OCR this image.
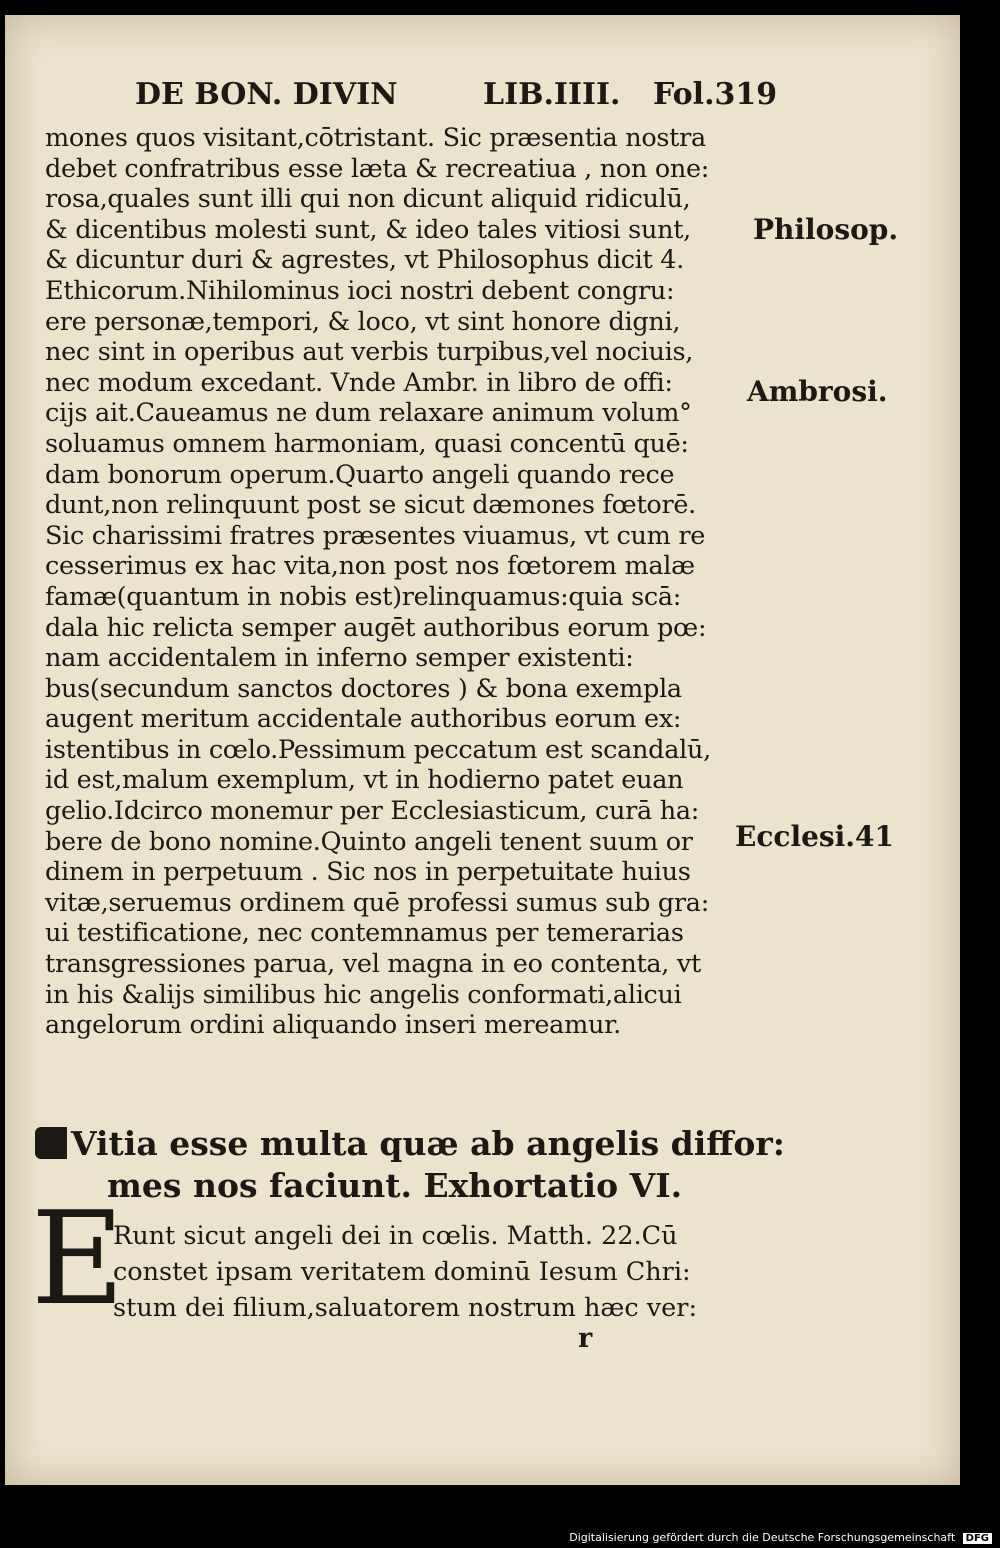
DE BON. DIVIN	LIB.IIII. Fol.319
mones quos visitant,cōtristant. Sic præsentia nostra
debet confratribus esse læta & recreatiua , non one:
rosa,quales sunt illi qui non dicunt aliquid ridiculū,
& dicentibus molesti sunt, & ideo tales vitiosi sunt,
& dicuntur duri & agrestes, vt Philosophus dicit 4.
Ethicorum.Nihilominus ioci nostri debent congru:
ere personæ,tempori, & loco, vt sint honore digni,
nec sint in operibus aut verbis turpibus,vel nociuis,
nec modum excedant. Vnde Ambr. in libro de offi:
cijs ait.Caueamus ne dum relaxare animum volum°
soluamus omnem harmoniam, quasi concentū quē:
dam bonorum operum.Quarto angeli quando rece
dunt,non relinquunt post se sicut dæmones fœtorē.
Sic charissimi fratres præsentes viuamus, vt cum re
cesserimus ex hac vita,non post nos fœtorem malæ
famæ(quantum in nobis est)relinquamus:quia scā:
dala hic relicta semper augēt authoribus eorum pœ:
nam accidentalem in inferno semper existenti:
bus(secundum sanctos doctores ) & bona exempla
augent meritum accidentale authoribus eorum ex:
istentibus in cœlo.Pessimum peccatum est scandalū,
id est,malum exemplum, vt in hodierno patet euan
gelio.Idcirco monemur per Ecclesiasticum, curā ha:
bere de bono nomine.Quinto angeli tenent suum or
dinem in perpetuum . Sic nos in perpetuitate huius
vitæ,seruemus ordinem quē professi sumus sub gra:
ui testificatione, nec contemnamus per temerarias
transgressiones parua, vel magna in eo contenta, vt
in his &alijs similibus hic angelis conformati,alicui
angelorum ordini aliquando inseri mereamur.
Philosop.
Ambrosi.
Ecclesi.41
Vitia esse multa quæ ab angelis diffor:
mes nos faciunt. Exhortatio VI.
E
Runt sicut angeli dei in cœlis. Matth. 22.Cū
constet ipsam veritatem dominū Iesum Chri:
stum dei filium,saluatorem nostrum hæc ver:
r
Digitalisierung gefördert durch die Deutsche Forschungsgemeinschaft DFG
